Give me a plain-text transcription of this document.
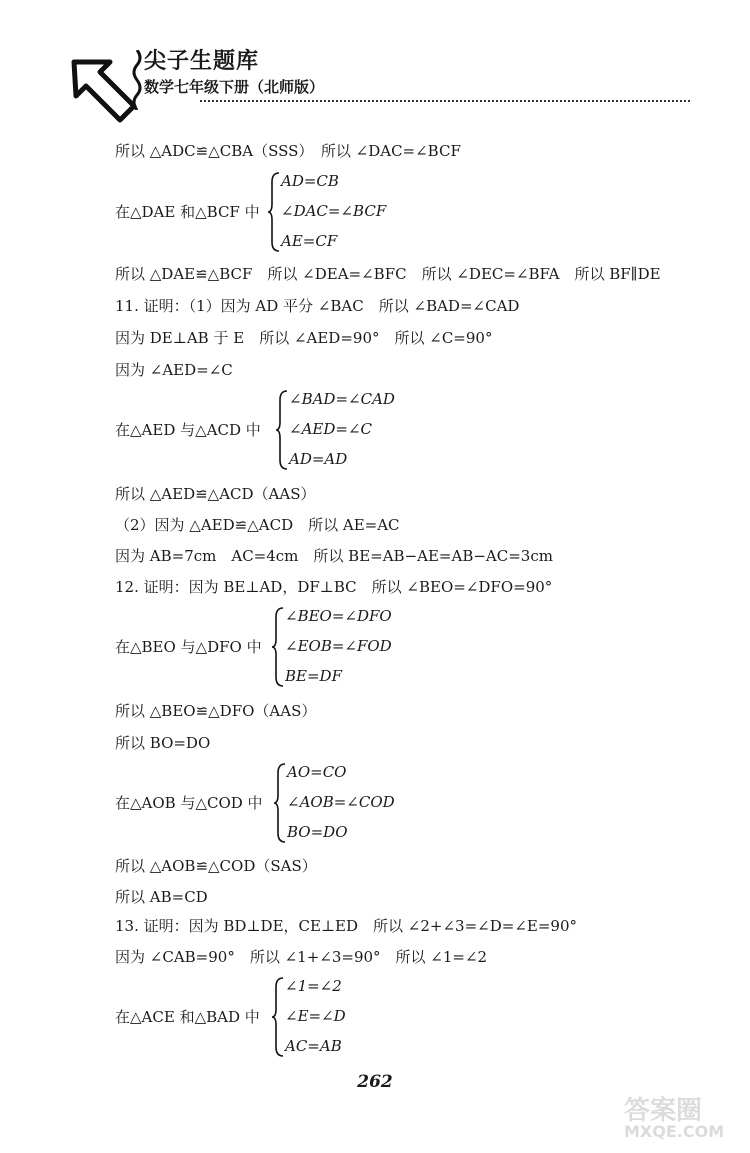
尖子生题库
数学七年级下册（北师版）
所以 △ADC≌△CBA（SSS）　所以 ∠DAC=∠BCF
在△DAE 和△BCF 中
AD=CB
∠DAC=∠BCF
AE=CF
所以 △DAE≌△BCF　所以 ∠DEA=∠BFC　所以 ∠DEC=∠BFA　所以 BF∥DE
11. 证明：（1）因为 AD 平分 ∠BAC　所以 ∠BAD=∠CAD
因为 DE⊥AB 于 E　所以 ∠AED=90°　所以 ∠C=90°
因为 ∠AED=∠C
在△AED 与△ACD 中
∠BAD=∠CAD
∠AED=∠C
AD=AD
所以 △AED≌△ACD（AAS）
（2）因为 △AED≌△ACD　所以 AE=AC
因为 AB=7cm　AC=4cm　所以 BE=AB−AE=AB−AC=3cm
12. 证明：因为 BE⊥AD，DF⊥BC　所以 ∠BEO=∠DFO=90°
在△BEO 与△DFO 中
∠BEO=∠DFO
∠EOB=∠FOD
BE=DF
所以 △BEO≌△DFO（AAS）
所以 BO=DO
在△AOB 与△COD 中
AO=CO
∠AOB=∠COD
BO=DO
所以 △AOB≌△COD（SAS）
所以 AB=CD
13. 证明：因为 BD⊥DE，CE⊥ED　所以 ∠2+∠3=∠D=∠E=90°
因为 ∠CAB=90°　所以 ∠1+∠3=90°　所以 ∠1=∠2
在△ACE 和△BAD 中
∠1=∠2
∠E=∠D
AC=AB
262
答案圈
MXQE.COM
